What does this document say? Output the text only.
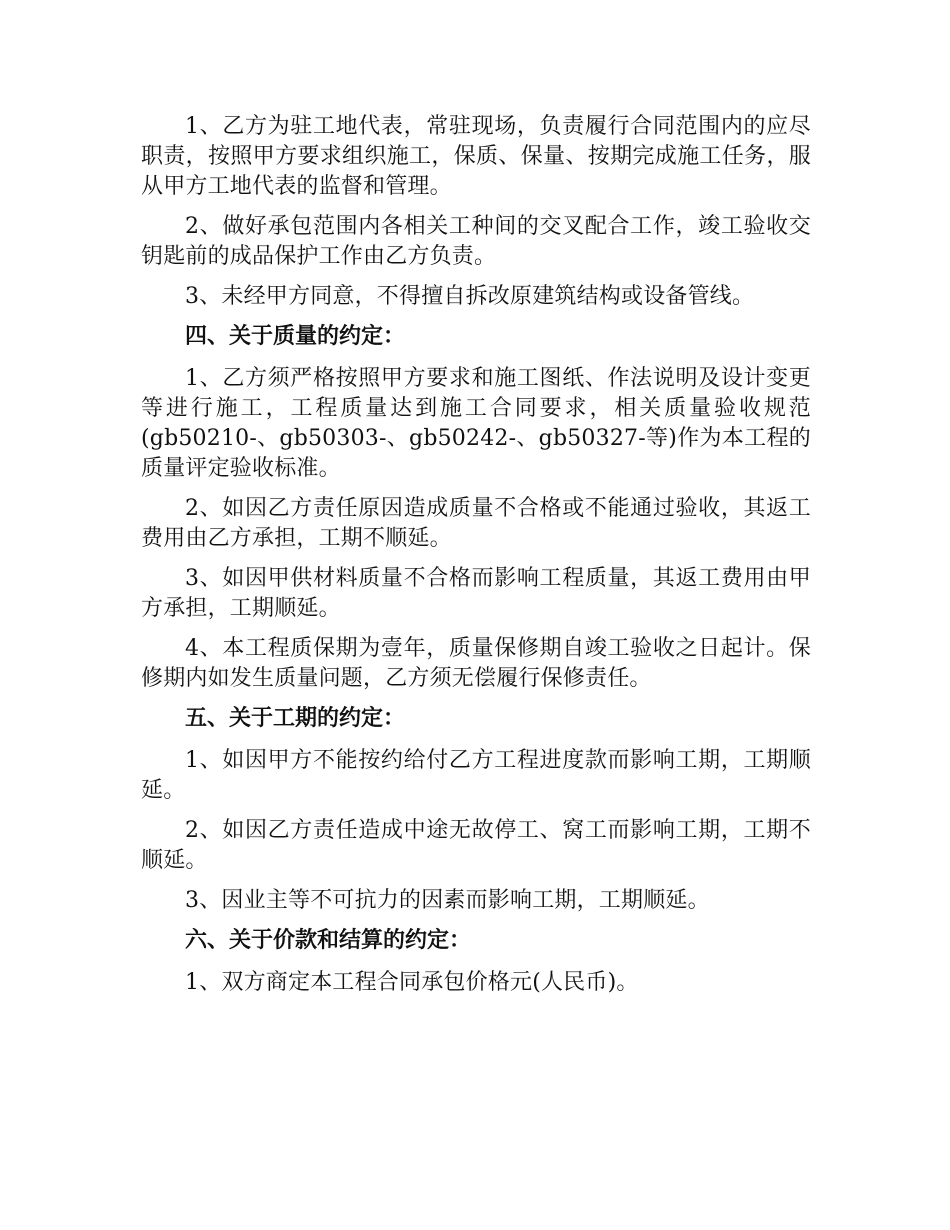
1、乙方为驻工地代表，常驻现场，负责履行合同范围内的应尽职责，按照甲方要求组织施工，保质、保量、按期完成施工任务，服从甲方工地代表的监督和管理。

2、做好承包范围内各相关工种间的交叉配合工作，竣工验收交钥匙前的成品保护工作由乙方负责。

3、未经甲方同意，不得擅自拆改原建筑结构或设备管线。

四、关于质量的约定：

1、乙方须严格按照甲方要求和施工图纸、作法说明及设计变更等进行施工，工程质量达到施工合同要求，相关质量验收规范(gb50210-、gb50303-、gb50242-、gb50327-等)作为本工程的质量评定验收标准。

2、如因乙方责任原因造成质量不合格或不能通过验收，其返工费用由乙方承担，工期不顺延。

3、如因甲供材料质量不合格而影响工程质量，其返工费用由甲方承担，工期顺延。

4、本工程质保期为壹年，质量保修期自竣工验收之日起计。保修期内如发生质量问题，乙方须无偿履行保修责任。

五、关于工期的约定：

1、如因甲方不能按约给付乙方工程进度款而影响工期，工期顺延。

2、如因乙方责任造成中途无故停工、窝工而影响工期，工期不顺延。

3、因业主等不可抗力的因素而影响工期，工期顺延。

六、关于价款和结算的约定：

1、双方商定本工程合同承包价格元(人民币)。
